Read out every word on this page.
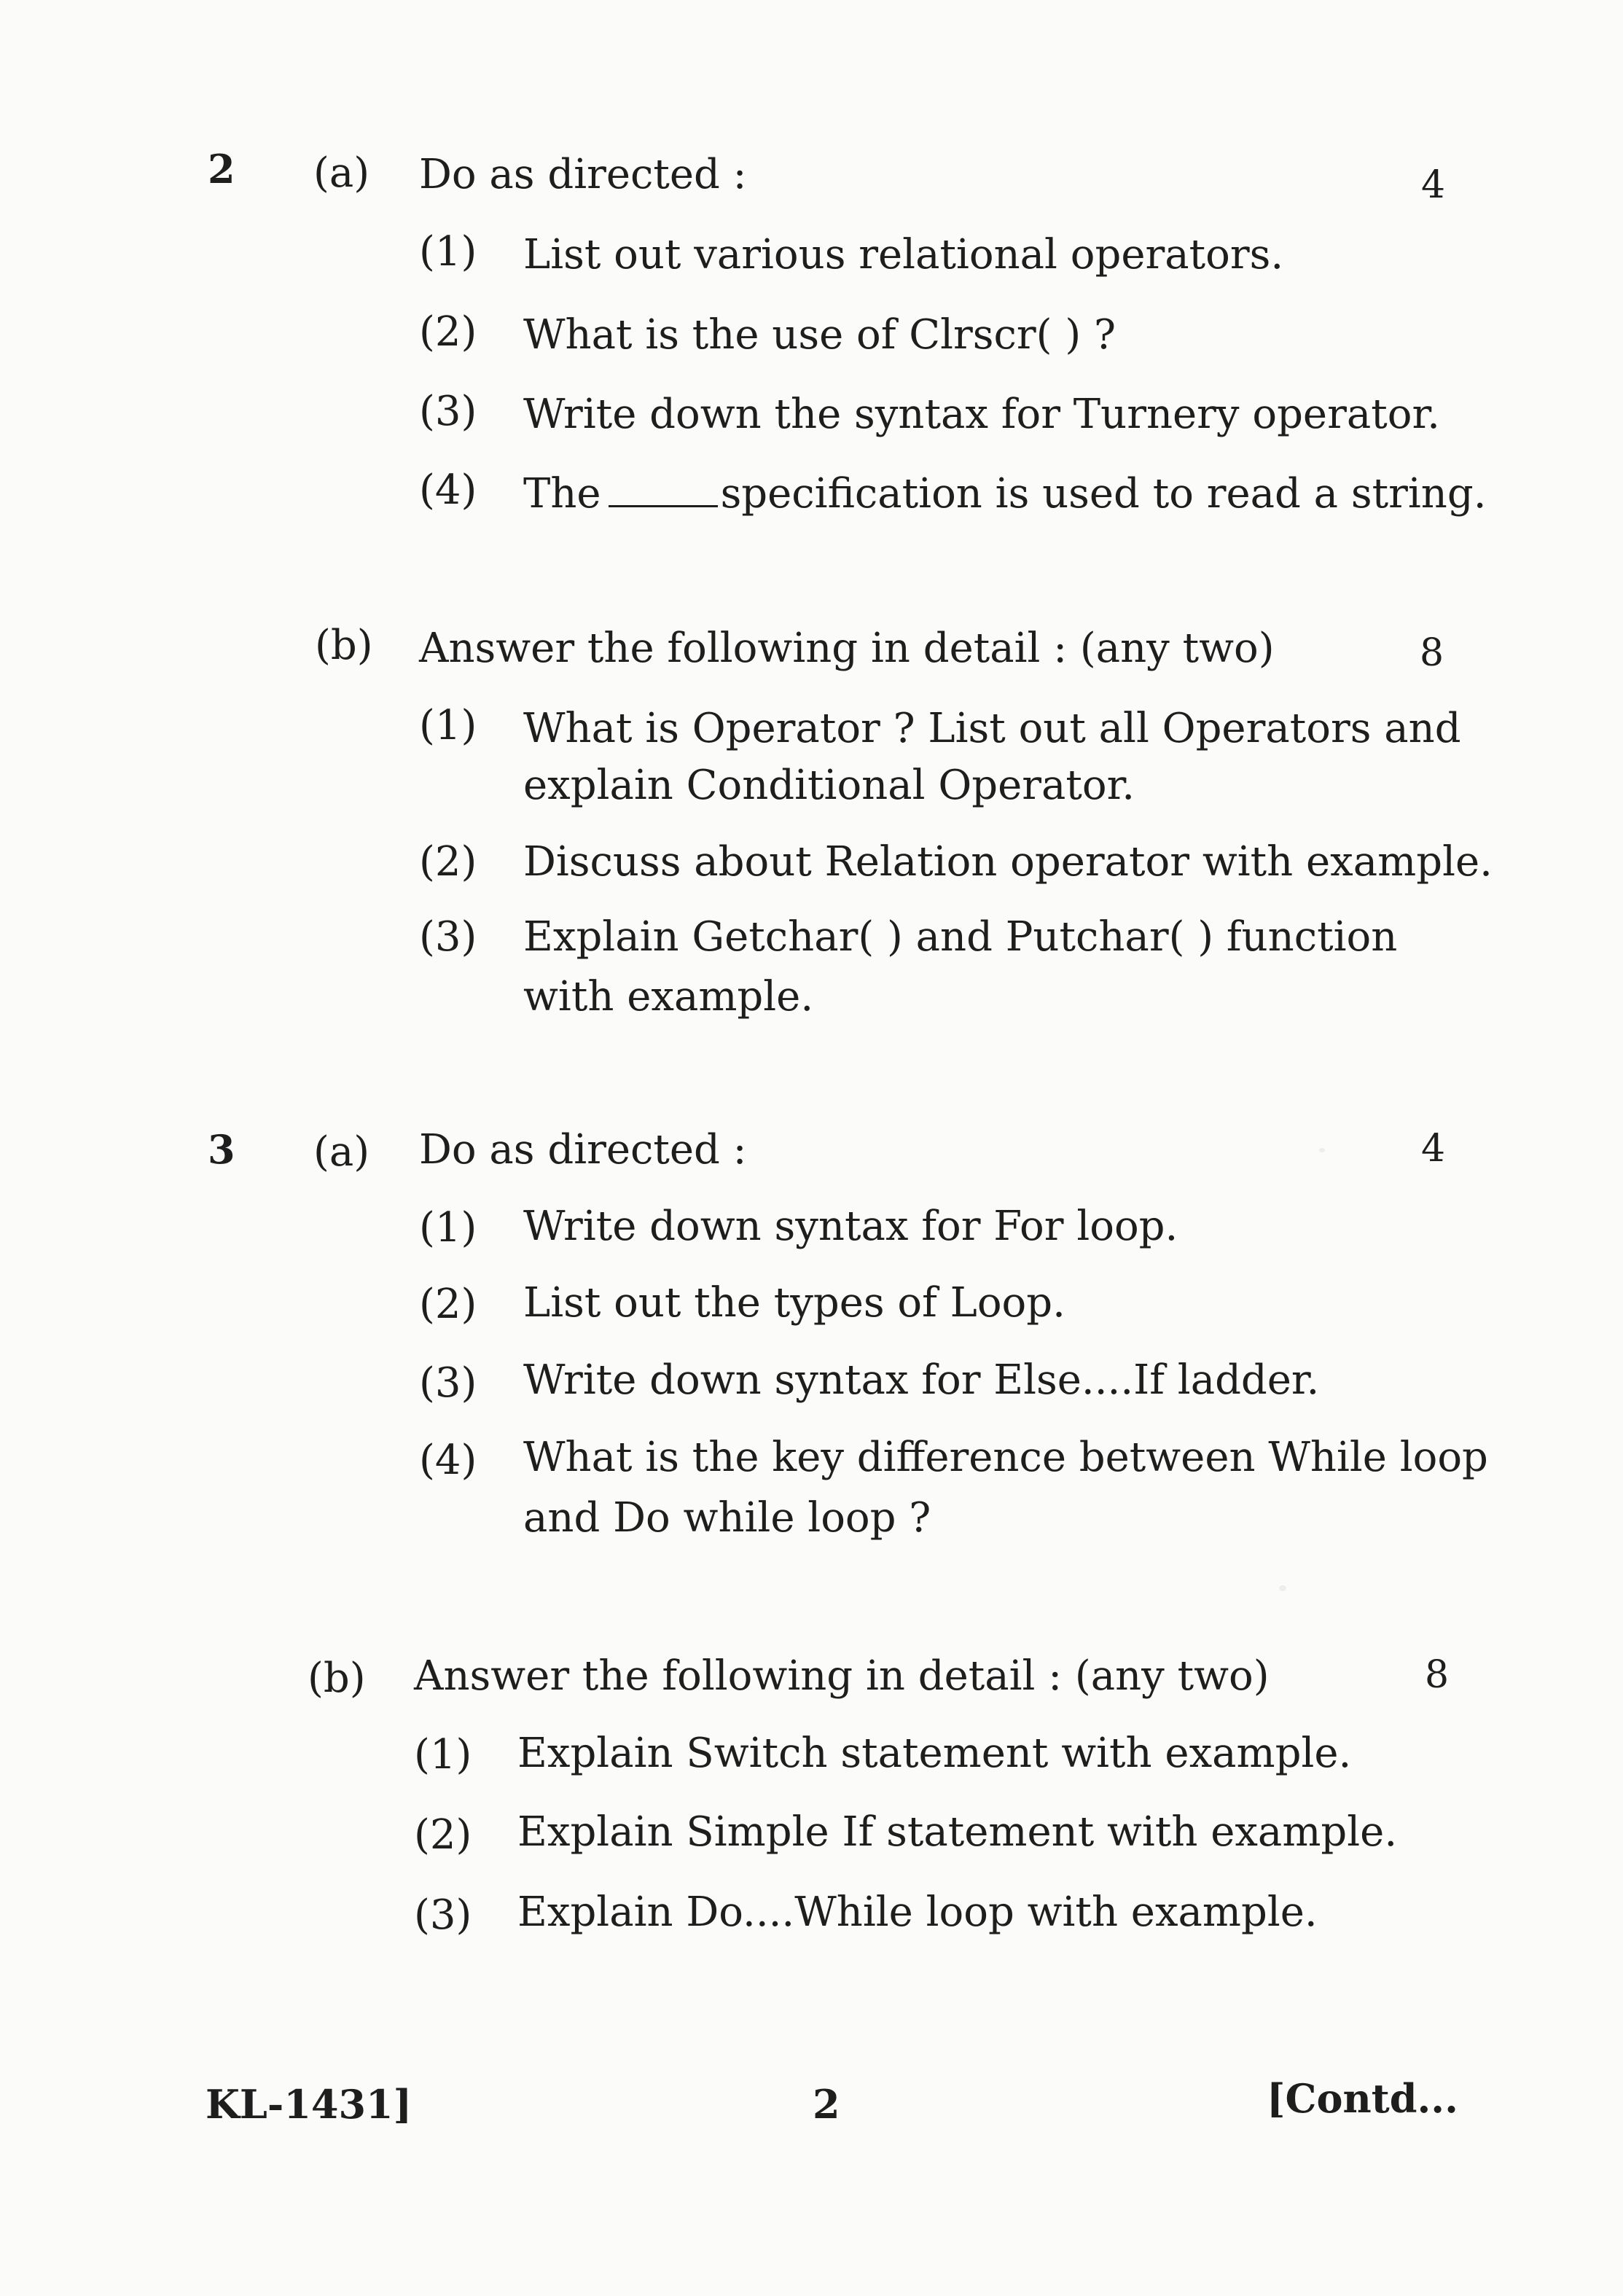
2 (a) Do as directed :	4
(1) List out various relational operators.
(2) What is the use of Clrscr( ) ?
(3) Write down the syntax for Turnery operator.
(4) The	specification is used to read a string.
(b) Answer the following in detail : (any two)	8
(1) What is Operator ? List out all Operators and
explain Conditional Operator.
(2) Discuss about Relation operator with example.
(3) Explain Getchar( ) and Putchar( ) function
with example.
3 (a) Do as directed :	4
(1) Write down syntax for For loop.
(2) List out the types of Loop.
(3) Write down syntax for Else....If ladder.
(4) What is the key difference between While loop
and Do while loop ?
(b) Answer the following in detail : (any two)	8
(1) Explain Switch statement with example.
(2) Explain Simple If statement with example.
(3) Explain Do....While loop with example.
KL-1431]	2	[Contd...
